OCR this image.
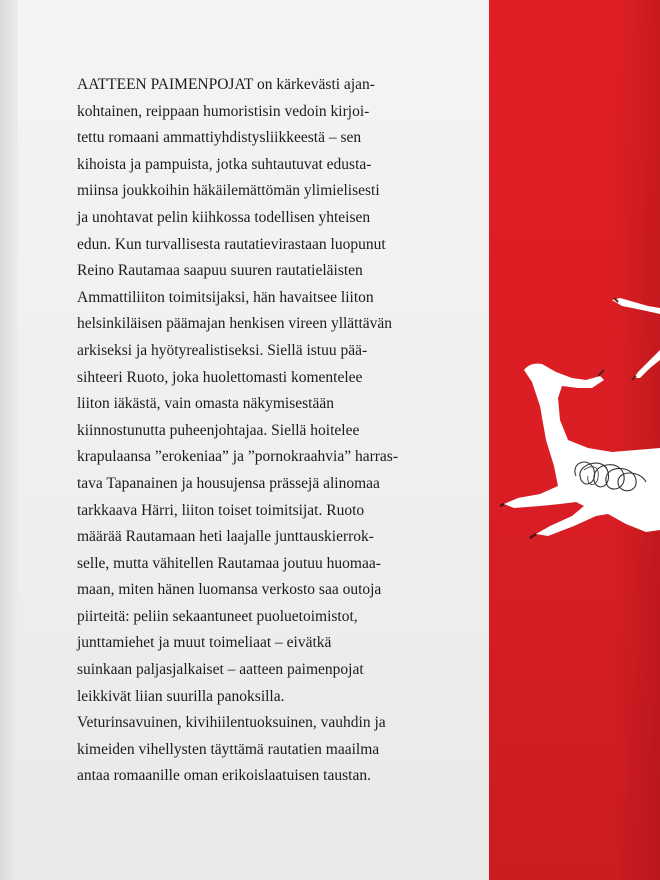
AATTEEN PAIMENPOJAT on kärkevästi ajan-
kohtainen, reippaan humoristisin vedoin kirjoi-
tettu romaani ammattiyhdistysliikkeestä – sen
kihoista ja pampuista, jotka suhtautuvat edusta-
miinsa joukkoihin häkäilemättömän ylimielisesti
ja unohtavat pelin kiihkossa todellisen yhteisen
edun. Kun turvallisesta rautatievirastaan luopunut
Reino Rautamaa saapuu suuren rautatieläisten
Ammattiliiton toimitsijaksi, hän havaitsee liiton
helsinkiläisen päämajan henkisen vireen yllättävän
arkiseksi ja hyötyrealistiseksi. Siellä istuu pää-
sihteeri Ruoto, joka huolettomasti komentelee
liiton iäkästä, vain omasta näkymisestään
kiinnostunutta puheenjohtajaa. Siellä hoitelee
krapulaansa ”erokeniaa” ja ”pornokraahvia” harras-
tava Tapanainen ja housujensa prässejä alinomaa
tarkkaava Härri, liiton toiset toimitsijat. Ruoto
määrää Rautamaan heti laajalle junttauskierrok-
selle, mutta vähitellen Rautamaa joutuu huomaa-
maan, miten hänen luomansa verkosto saa outoja
piirteitä: peliin sekaantuneet puoluetoimistot,
junttamiehet ja muut toimeliaat – eivätkä
suinkaan paljasjalkaiset – aatteen paimenpojat
leikkivät liian suurilla panoksilla.
Veturinsavuinen, kivihiilentuoksuinen, vauhdin ja
kimeiden vihellysten täyttämä rautatien maailma
antaa romaanille oman erikoislaatuisen taustan.
